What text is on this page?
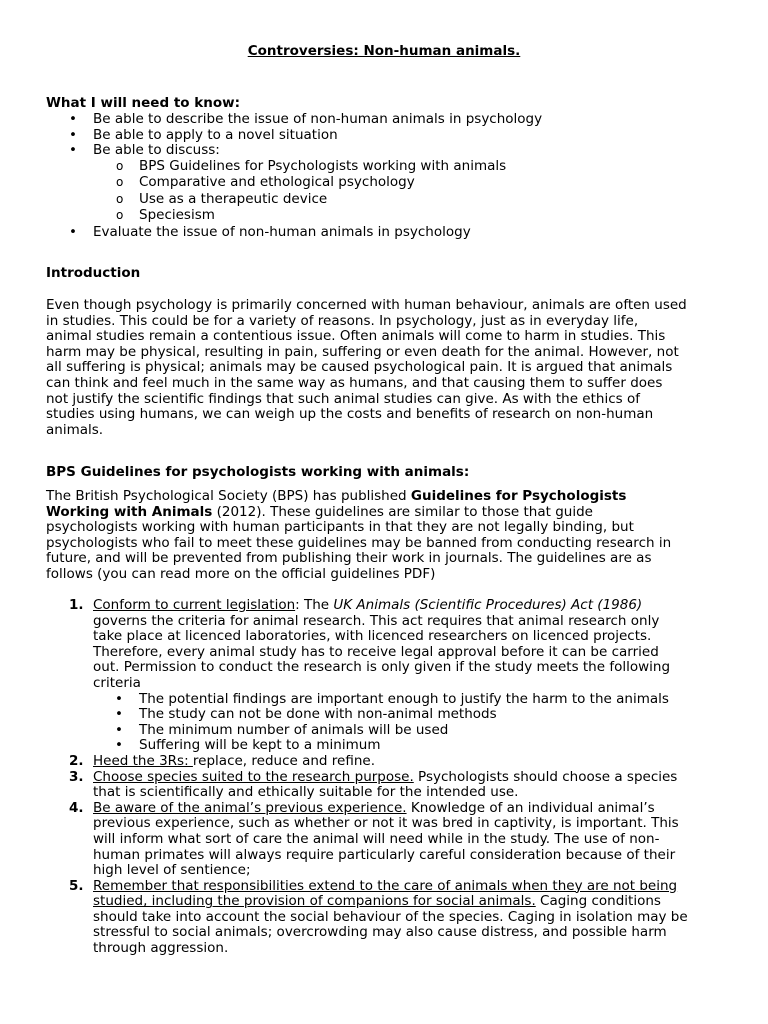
Controversies: Non-human animals.
What I will need to know:
• Be able to describe the issue of non-human animals in psychology
• Be able to apply to a novel situation
• Be able to discuss:
o BPS Guidelines for Psychologists working with animals
o Comparative and ethological psychology
o Use as a therapeutic device
o Speciesism
• Evaluate the issue of non-human animals in psychology
Introduction
Even though psychology is primarily concerned with human behaviour, animals are often used
in studies. This could be for a variety of reasons. In psychology, just as in everyday life,
animal studies remain a contentious issue. Often animals will come to harm in studies. This
harm may be physical, resulting in pain, suffering or even death for the animal. However, not
all suffering is physical; animals may be caused psychological pain. It is argued that animals
can think and feel much in the same way as humans, and that causing them to suffer does
not justify the scientific findings that such animal studies can give. As with the ethics of
studies using humans, we can weigh up the costs and benefits of research on non-human
animals.
BPS Guidelines for psychologists working with animals:
The British Psychological Society (BPS) has published Guidelines for Psychologists
Working with Animals (2012). These guidelines are similar to those that guide
psychologists working with human participants in that they are not legally binding, but
psychologists who fail to meet these guidelines may be banned from conducting research in
future, and will be prevented from publishing their work in journals. The guidelines are as
follows (you can read more on the official guidelines PDF)
1. Conform to current legislation: The UK Animals (Scientific Procedures) Act (1986)
governs the criteria for animal research. This act requires that animal research only
take place at licenced laboratories, with licenced researchers on licenced projects.
Therefore, every animal study has to receive legal approval before it can be carried
out. Permission to conduct the research is only given if the study meets the following
criteria
• The potential findings are important enough to justify the harm to the animals
• The study can not be done with non-animal methods
• The minimum number of animals will be used
• Suffering will be kept to a minimum
2. Heed the 3Rs: replace, reduce and refine.
3. Choose species suited to the research purpose. Psychologists should choose a species
that is scientifically and ethically suitable for the intended use.
4. Be aware of the animal’s previous experience. Knowledge of an individual animal’s
previous experience, such as whether or not it was bred in captivity, is important. This
will inform what sort of care the animal will need while in the study. The use of non-
human primates will always require particularly careful consideration because of their
high level of sentience;
5. Remember that responsibilities extend to the care of animals when they are not being
studied, including the provision of companions for social animals. Caging conditions
should take into account the social behaviour of the species. Caging in isolation may be
stressful to social animals; overcrowding may also cause distress, and possible harm
through aggression.
